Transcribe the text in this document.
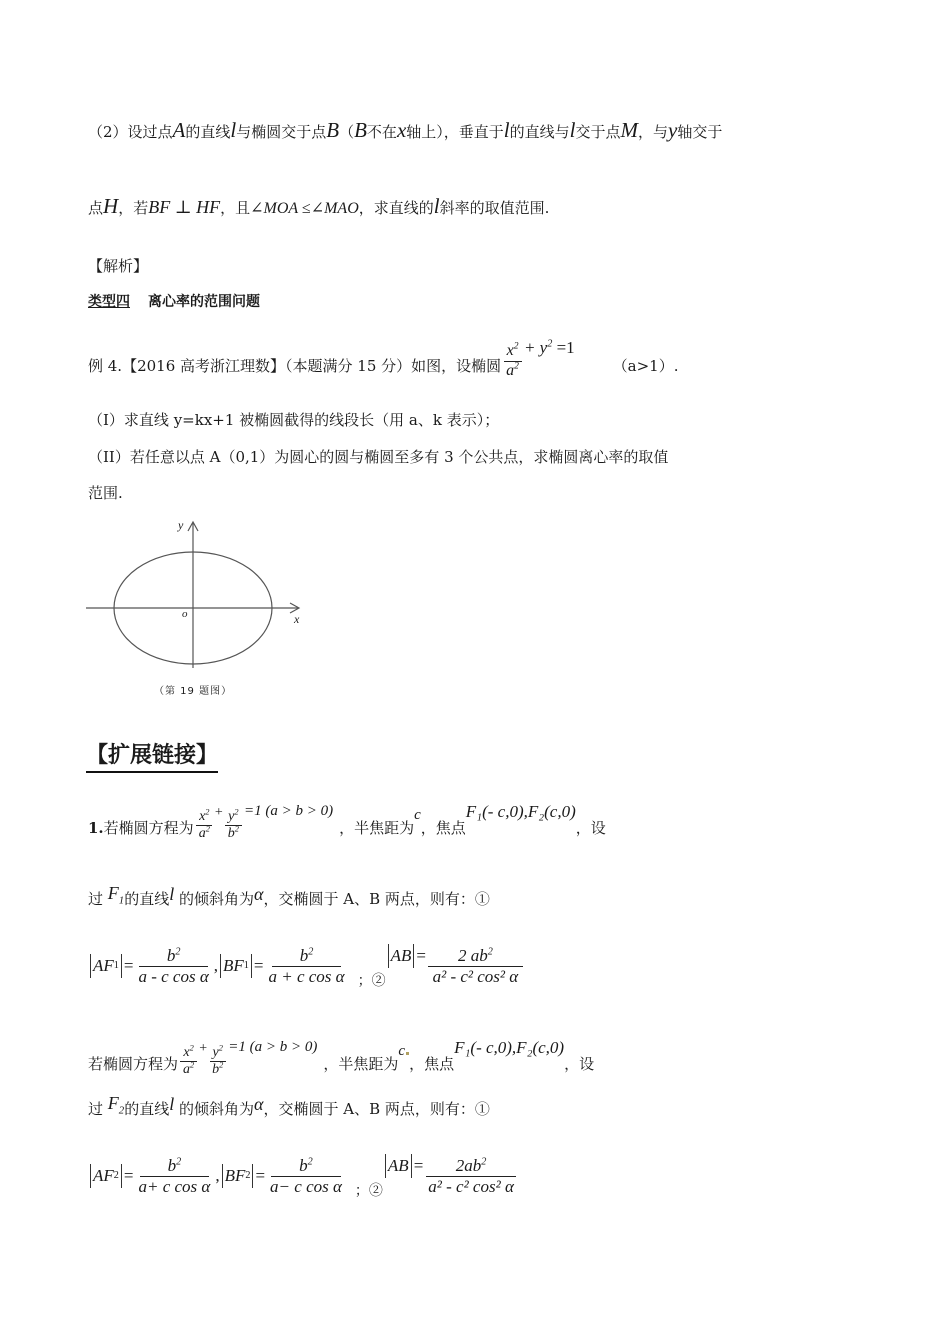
（2）设过点A的直线l与椭圆交于点B（B不在x轴上），垂直于l的直线与l交于点M，与y轴交于
点H，若BF ⊥ HF，且∠MOA ≤∠MAO，求直线的l斜率的取值范围.
【解析】
类型四 离心率的范围问题
例 4.【2016 高考浙江理数】（本题满分 15 分）如图，设椭圆 $\frac{x^2}{a^2} + y^2 =1$
（a>1）.
（I）求直线 y=kx+1 被椭圆截得的线段长（用 a、k 表示）；
（II）若任意以点 A（0,1）为圆心的圆与椭圆至多有 3 个公共点，求椭圆离心率的取值
范围.
y
x
o
（第 19 题图）
【扩展链接】
1. 若椭圆方程为 $\frac{x^2}{a^2} + \frac{y^2}{b^2} =1$ (a > b > 0)
，半焦距为
c
，焦点
F₁(- c,0),F₂(c,0)
，设
过 $F_1$的直线l 的倾斜角为α，交椭圆于 A、B 两点，则有：①
AF $1 = \frac{b^2}{\text{a - c cos α}}$ , BF $1 = \frac{b^2}{\text{a + c cos α}}$ ；②
AB = $\frac{2 ab^2}{\text{a² - c² cos² α}}$
若椭圆方程为 $\frac{x^2}{a^2} + \frac{y^2}{b^2} =1$ (a > b > 0)
，半焦距为
c
，焦点
F₁(- c,0),F₂(c,0)
，设
过 $F_2$的直线l 的倾斜角为α，交椭圆于 A、B 两点，则有：①
AF $2 = \frac{b^2}{\text{a+ c cos α}}$ , BF $2 = \frac{b^2}{\text{a− c cos α}}$ ；②
AB = $\frac{2ab^2}{\text{a² - c² cos² α}}$
